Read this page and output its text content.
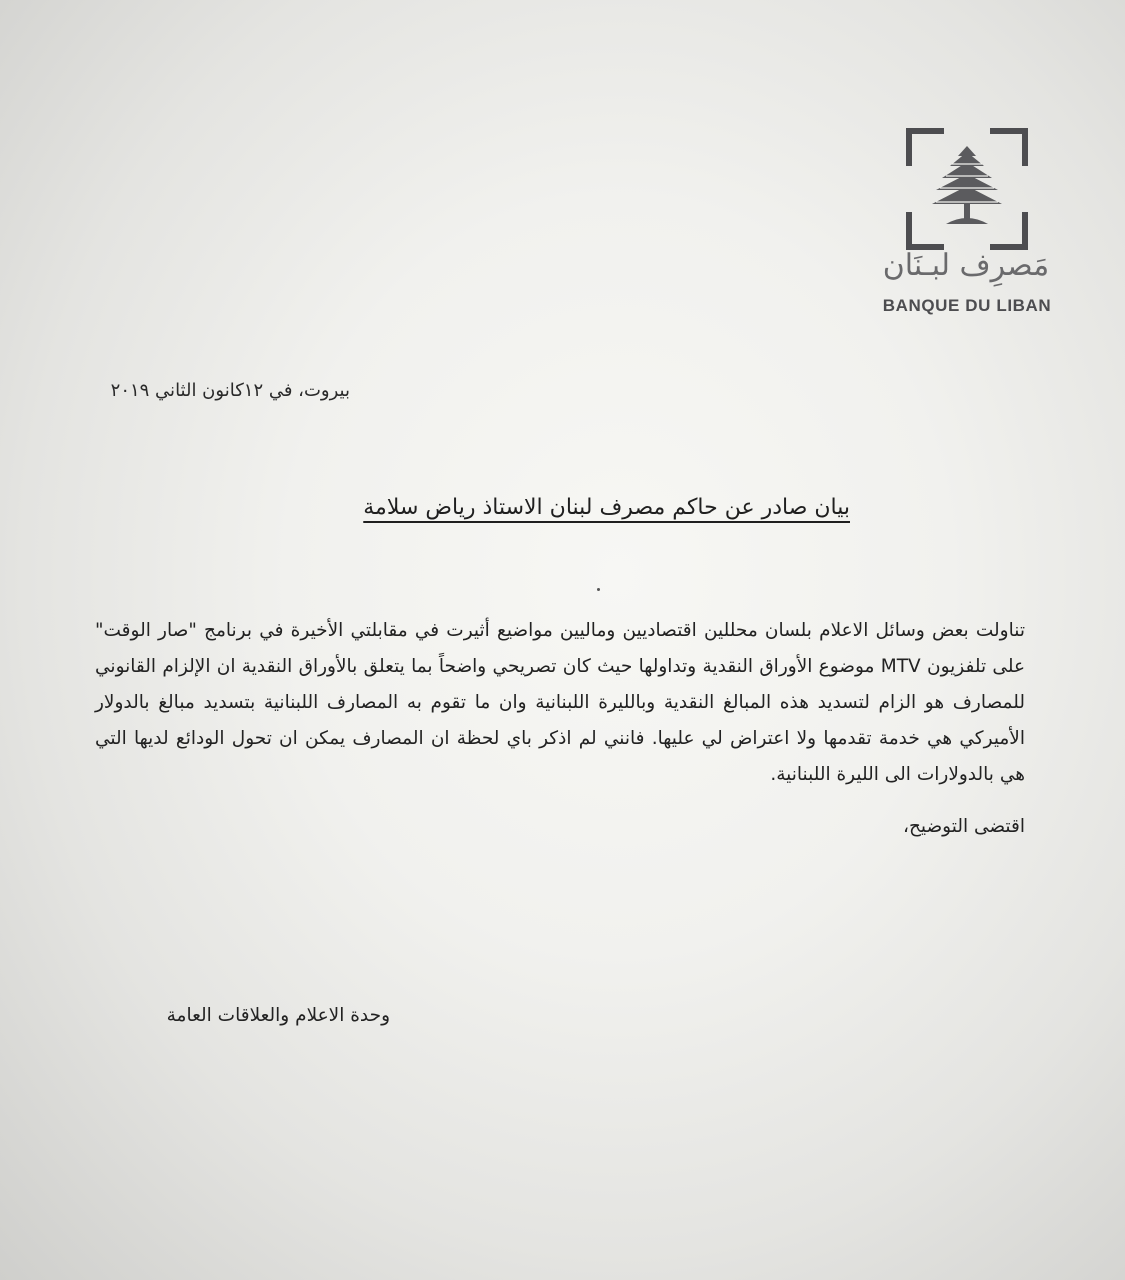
مَصرِف لبـنَان
BANQUE DU LIBAN
بيروت، في ١٢كانون الثاني ٢٠١٩
بيان صادر عن حاكم مصرف لبنان الاستاذ رياض سلامة

تناولت بعض وسائل الاعلام بلسان محللين اقتصاديين وماليين مواضيع أثيرت في مقابلتي الأخيرة في برنامج "صار الوقت" على تلفزيون MTV موضوع الأوراق النقدية وتداولها حيث كان تصريحي واضحاً بما يتعلق بالأوراق النقدية ان الإلزام القانوني للمصارف هو الزام لتسديد هذه المبالغ النقدية وبالليرة اللبنانية وان ما تقوم به المصارف اللبنانية بتسديد مبالغ بالدولار الأميركي هي خدمة تقدمها ولا اعتراض لي عليها. فانني لم اذكر باي لحظة ان المصارف يمكن ان تحول الودائع لديها التي هي بالدولارات الى الليرة اللبنانية.

اقتضى التوضيح،
وحدة الاعلام والعلاقات العامة
